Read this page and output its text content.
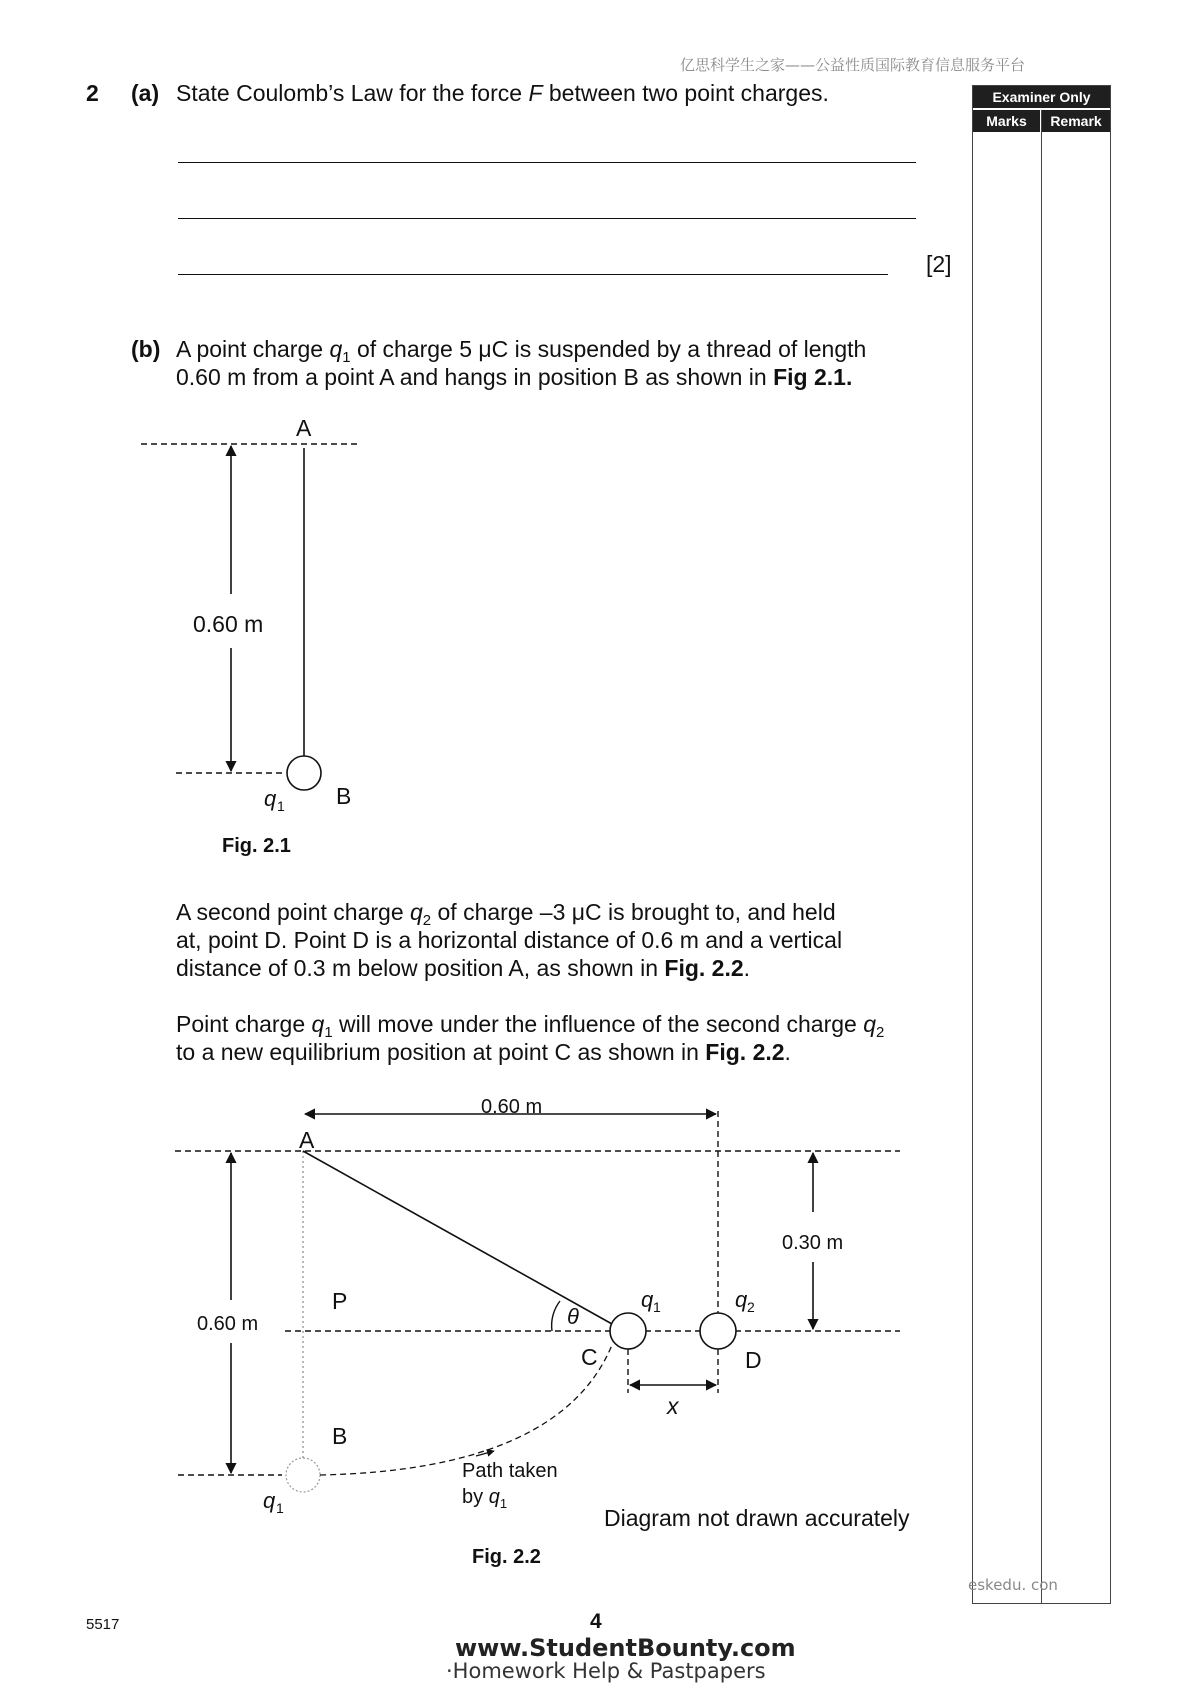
亿思科学生之家——公益性质国际教育信息服务平台
Examiner Only
Marks	Remark
eskedu. con
2 (a) State Coulomb’s Law for the force F between two point charges.
[2]
(b) A point charge $q_1$ of charge 5 μC is suspended by a thread of length
0.60 m from a point A and hangs in position B as shown in Fig 2.1.
A second point charge $q_2$ of charge –3 μC is brought to, and held
at, point D. Point D is a horizontal distance of 0.6 m and a vertical
distance of 0.3 m below position A, as shown in Fig. 2.2.
Point charge $q_1$ will move under the influence of the second charge $q_2$
to a new equilibrium position at point C as shown in Fig. 2.2.
A
0.60 m
q 1 B
Fig. 2.1
0.60 m
A
0.30 m
P
θ
q 1	q 2
0.60 m
C	D
x
B
Path taken
by $q_1$
q 1	Diagram not drawn accurately
Fig. 2.2
5517	4
www.StudentBounty.com
·Homework Help & Pastpapers
